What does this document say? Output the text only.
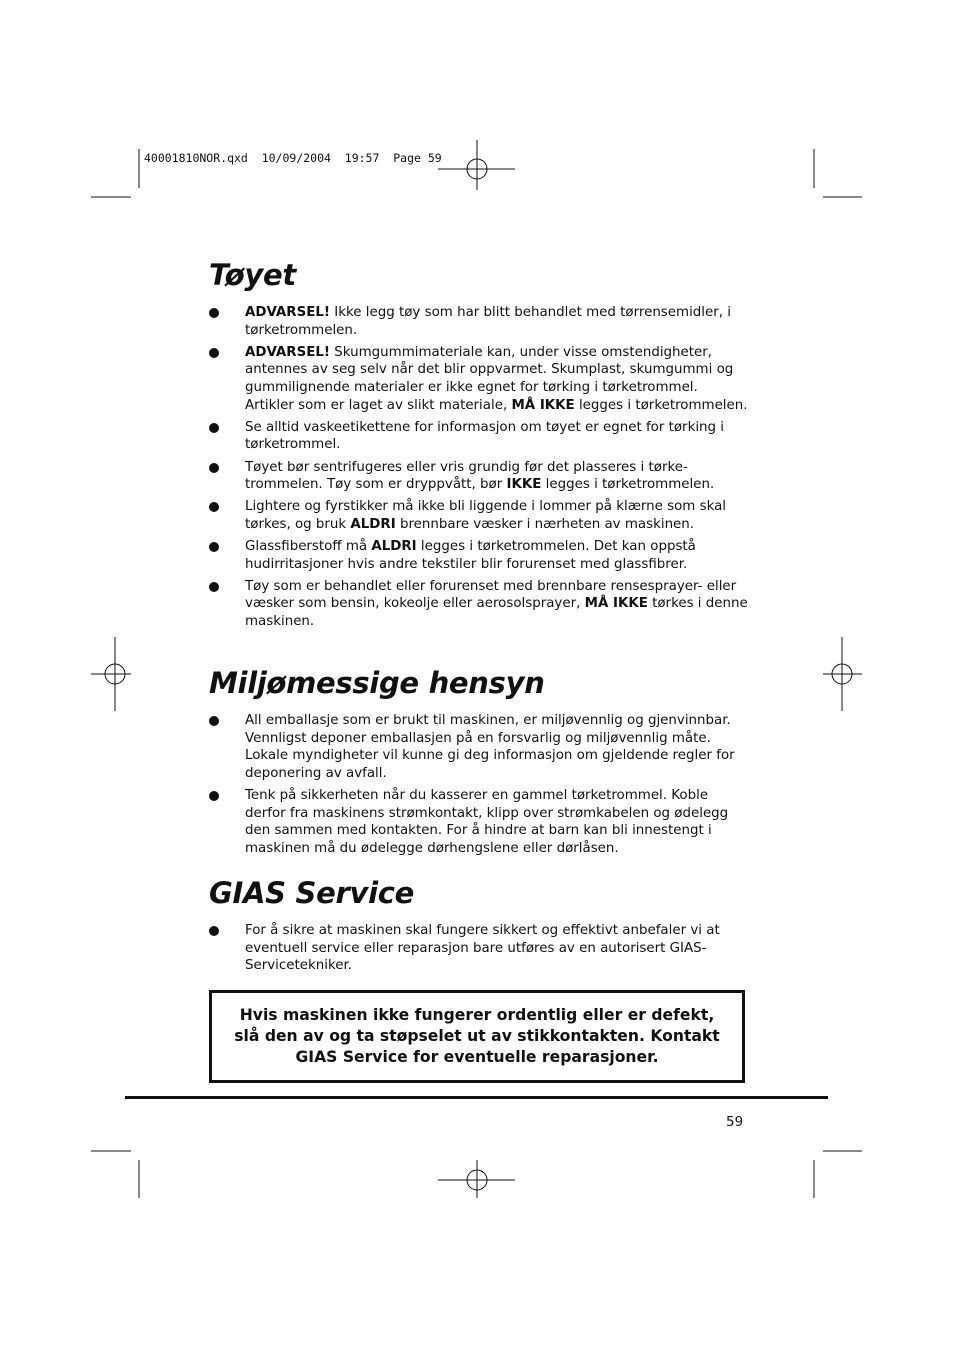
40001810NOR.qxd  10/09/2004  19:57  Page 59
Tøyet
ADVARSEL! Ikke legg tøy som har blitt behandlet med tørrensemidler, i tørketrommelen.
ADVARSEL! Skumgummimateriale kan, under visse omstendigheter, antennes av seg selv når det blir oppvarmet. Skumplast, skumgummi og gummilignende materialer er ikke egnet for tørking i tørketrommel. Artikler som er laget av slikt materiale, MÅ IKKE legges i tørketrommelen.
Se alltid vaskeetikettene for informasjon om tøyet er egnet for tørking i tørketrommel.
Tøyet bør sentrifugeres eller vris grundig før det plasseres i tørke-trommelen. Tøy som er dryppvått, bør IKKE legges i tørketrommelen.
Lightere og fyrstikker må ikke bli liggende i lommer på klærne som skal tørkes, og bruk ALDRI brennbare væsker i nærheten av maskinen.
Glassfiberstoff må ALDRI legges i tørketrommelen. Det kan oppstå hudirritasjoner hvis andre tekstiler blir forurenset med glassfibrer.
Tøy som er behandlet eller forurenset med brennbare rensesprayer- eller væsker som bensin, kokeolje eller aerosolsprayer, MÅ IKKE tørkes i denne maskinen.
Miljømessige hensyn
All emballasje som er brukt til maskinen, er miljøvennlig og gjenvinnbar. Vennligst deponer emballasjen på en forsvarlig og miljøvennlig måte. Lokale myndigheter vil kunne gi deg informasjon om gjeldende regler for deponering av avfall.
Tenk på sikkerheten når du kasserer en gammel tørketrommel. Koble derfor fra maskinens strømkontakt, klipp over strømkabelen og ødelegg den sammen med kontakten. For å hindre at barn kan bli innestengt i maskinen må du ødelegge dørhengslene eller dørlåsen.
GIAS Service
For å sikre at maskinen skal fungere sikkert og effektivt anbefaler vi at eventuell service eller reparasjon bare utføres av en autorisert GIAS-Servicetekniker.

Hvis maskinen ikke fungerer ordentlig eller er defekt, slå den av og ta støpselet ut av stikkontakten. Kontakt GIAS Service for eventuelle reparasjoner.

59
